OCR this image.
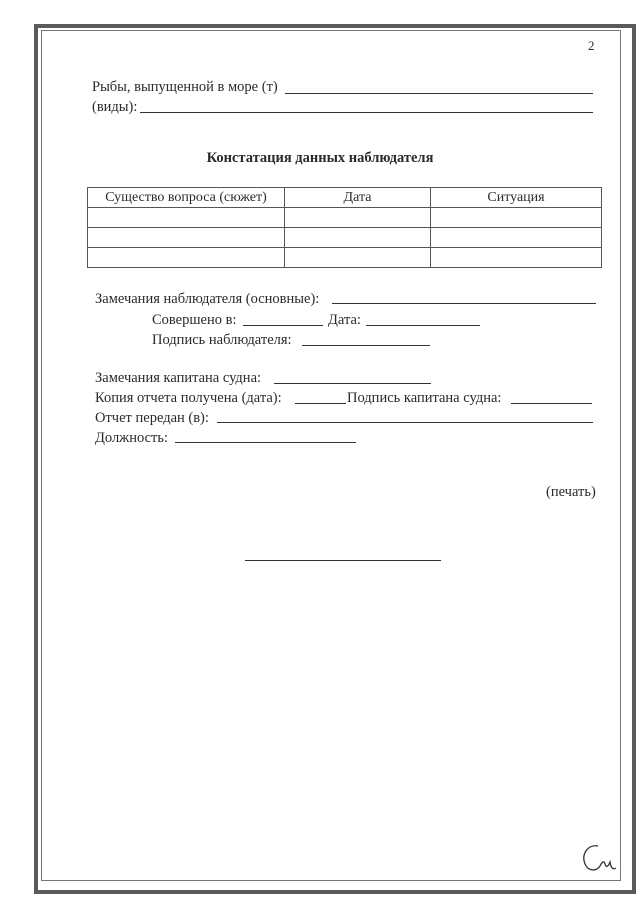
2
Рыбы, выпущенной в море (т)
(виды):
Констатация данных наблюдателя
Существо вопроса (сюжет)	Дата	Ситуация

Замечания наблюдателя (основные):
Совершено в:	Дата:
Подпись наблюдателя:
Замечания капитана судна:
Копия отчета получена (дата):	Подпись капитана судна:
Отчет передан (в):
Должность:
(печать)
